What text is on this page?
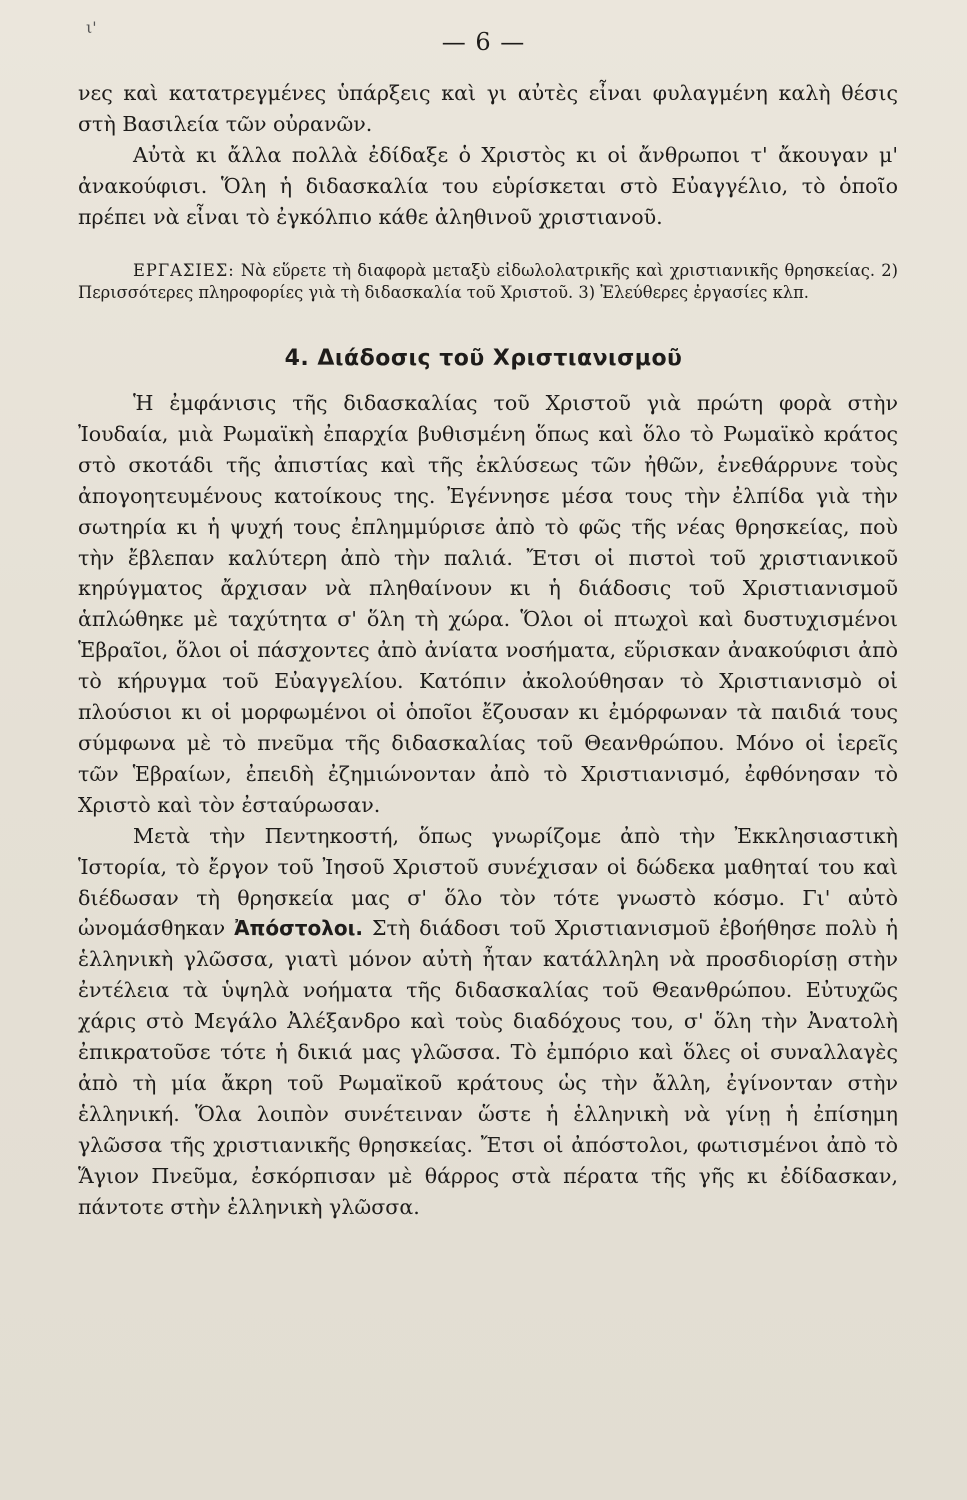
ι'
— 6 —

νες καὶ κατατρεγμένες ὑπάρξεις καὶ γι αὐτὲς εἶναι φυλαγμένη καλὴ θέσις στὴ Βασιλεία τῶν οὐρανῶν.

Αὐτὰ κι ἄλλα πολλὰ ἐδίδαξε ὁ Χριστὸς κι οἱ ἄνθρωποι τ' ἄκουγαν μ' ἀνακούφισι. Ὅλη ἡ διδασκαλία του εὑρίσκεται στὸ Εὐαγγέλιο, τὸ ὁποῖο πρέπει νὰ εἶναι τὸ ἐγκόλπιο κάθε ἀληθινοῦ χριστιανοῦ.

ΕΡΓΑΣΙΕΣ: Νὰ εὕρετε τὴ διαφορὰ μεταξὺ εἰδωλολατρικῆς καὶ χριστιανικῆς θρησκείας. 2) Περισσότερες πληροφορίες γιὰ τὴ διδασκαλία τοῦ Χριστοῦ. 3) Ἐλεύθερες ἐργασίες κλπ.

4. Διάδοσις τοῦ Χριστιανισμοῦ

Ἡ ἐμφάνισις τῆς διδασκαλίας τοῦ Χριστοῦ γιὰ πρώτη φορὰ στὴν Ἰουδαία, μιὰ Ρωμαϊκὴ ἐπαρχία βυθισμένη ὅπως καὶ ὅλο τὸ Ρωμαϊκὸ κράτος στὸ σκοτάδι τῆς ἀπιστίας καὶ τῆς ἐκλύσεως τῶν ἠθῶν, ἐνεθάρρυνε τοὺς ἀπογοητευμένους κατοίκους της. Ἐγέννησε μέσα τους τὴν ἐλπίδα γιὰ τὴν σωτηρία κι ἡ ψυχή τους ἐπλημμύρισε ἀπὸ τὸ φῶς τῆς νέας θρησκείας, ποὺ τὴν ἔβλεπαν καλύτερη ἀπὸ τὴν παλιά. Ἔτσι οἱ πιστοὶ τοῦ χριστιανικοῦ κηρύγματος ἄρχισαν νὰ πληθαίνουν κι ἡ διάδοσις τοῦ Χριστιανισμοῦ ἁπλώθηκε μὲ ταχύτητα σ' ὅλη τὴ χώρα. Ὅλοι οἱ πτωχοὶ καὶ δυστυχισμένοι Ἑβραῖοι, ὅλοι οἱ πάσχοντες ἀπὸ ἀνίατα νοσήματα, εὕρισκαν ἀνακούφισι ἀπὸ τὸ κήρυγμα τοῦ Εὐαγγελίου. Κατόπιν ἀκολούθησαν τὸ Χριστιανισμὸ οἱ πλούσιοι κι οἱ μορφωμένοι οἱ ὁποῖοι ἔζουσαν κι ἐμόρφωναν τὰ παιδιά τους σύμφωνα μὲ τὸ πνεῦμα τῆς διδασκαλίας τοῦ Θεανθρώπου. Μόνο οἱ ἱερεῖς τῶν Ἑβραίων, ἐπειδὴ ἐζημιώνονταν ἀπὸ τὸ Χριστιανισμό, ἐφθόνησαν τὸ Χριστὸ καὶ τὸν ἐσταύρωσαν.

Μετὰ τὴν Πεντηκοστή, ὅπως γνωρίζομε ἀπὸ τὴν Ἐκκλησιαστικὴ Ἱστορία, τὸ ἔργον τοῦ Ἰησοῦ Χριστοῦ συνέχισαν οἱ δώδεκα μαθηταί του καὶ διέδωσαν τὴ θρησκεία μας σ' ὅλο τὸν τότε γνωστὸ κόσμο. Γι' αὐτὸ ὠνομάσθηκαν Ἀπόστολοι. Στὴ διάδοσι τοῦ Χριστιανισμοῦ ἐβοήθησε πολὺ ἡ ἑλληνικὴ γλῶσσα, γιατὶ μόνον αὐτὴ ἦταν κατάλληλη νὰ προσδιορίσῃ στὴν ἐντέλεια τὰ ὑψηλὰ νοήματα τῆς διδασκαλίας τοῦ Θεανθρώπου. Εὐτυχῶς χάρις στὸ Μεγάλο Ἀλέξανδρο καὶ τοὺς διαδόχους του, σ' ὅλη τὴν Ἀνατολὴ ἐπικρατοῦσε τότε ἡ δικιά μας γλῶσσα. Τὸ ἐμπόριο καὶ ὅλες οἱ συναλλαγὲς ἀπὸ τὴ μία ἄκρη τοῦ Ρωμαϊκοῦ κράτους ὡς τὴν ἄλλη, ἐγίνονταν στὴν ἑλληνική. Ὅλα λοιπὸν συνέτειναν ὥστε ἡ ἑλληνικὴ νὰ γίνῃ ἡ ἐπίσημη γλῶσσα τῆς χριστιανικῆς θρησκείας. Ἔτσι οἱ ἀπόστολοι, φωτισμένοι ἀπὸ τὸ Ἅγιον Πνεῦμα, ἐσκόρπισαν μὲ θάρρος στὰ πέρατα τῆς γῆς κι ἐδίδασκαν, πάντοτε στὴν ἑλληνικὴ γλῶσσα.
